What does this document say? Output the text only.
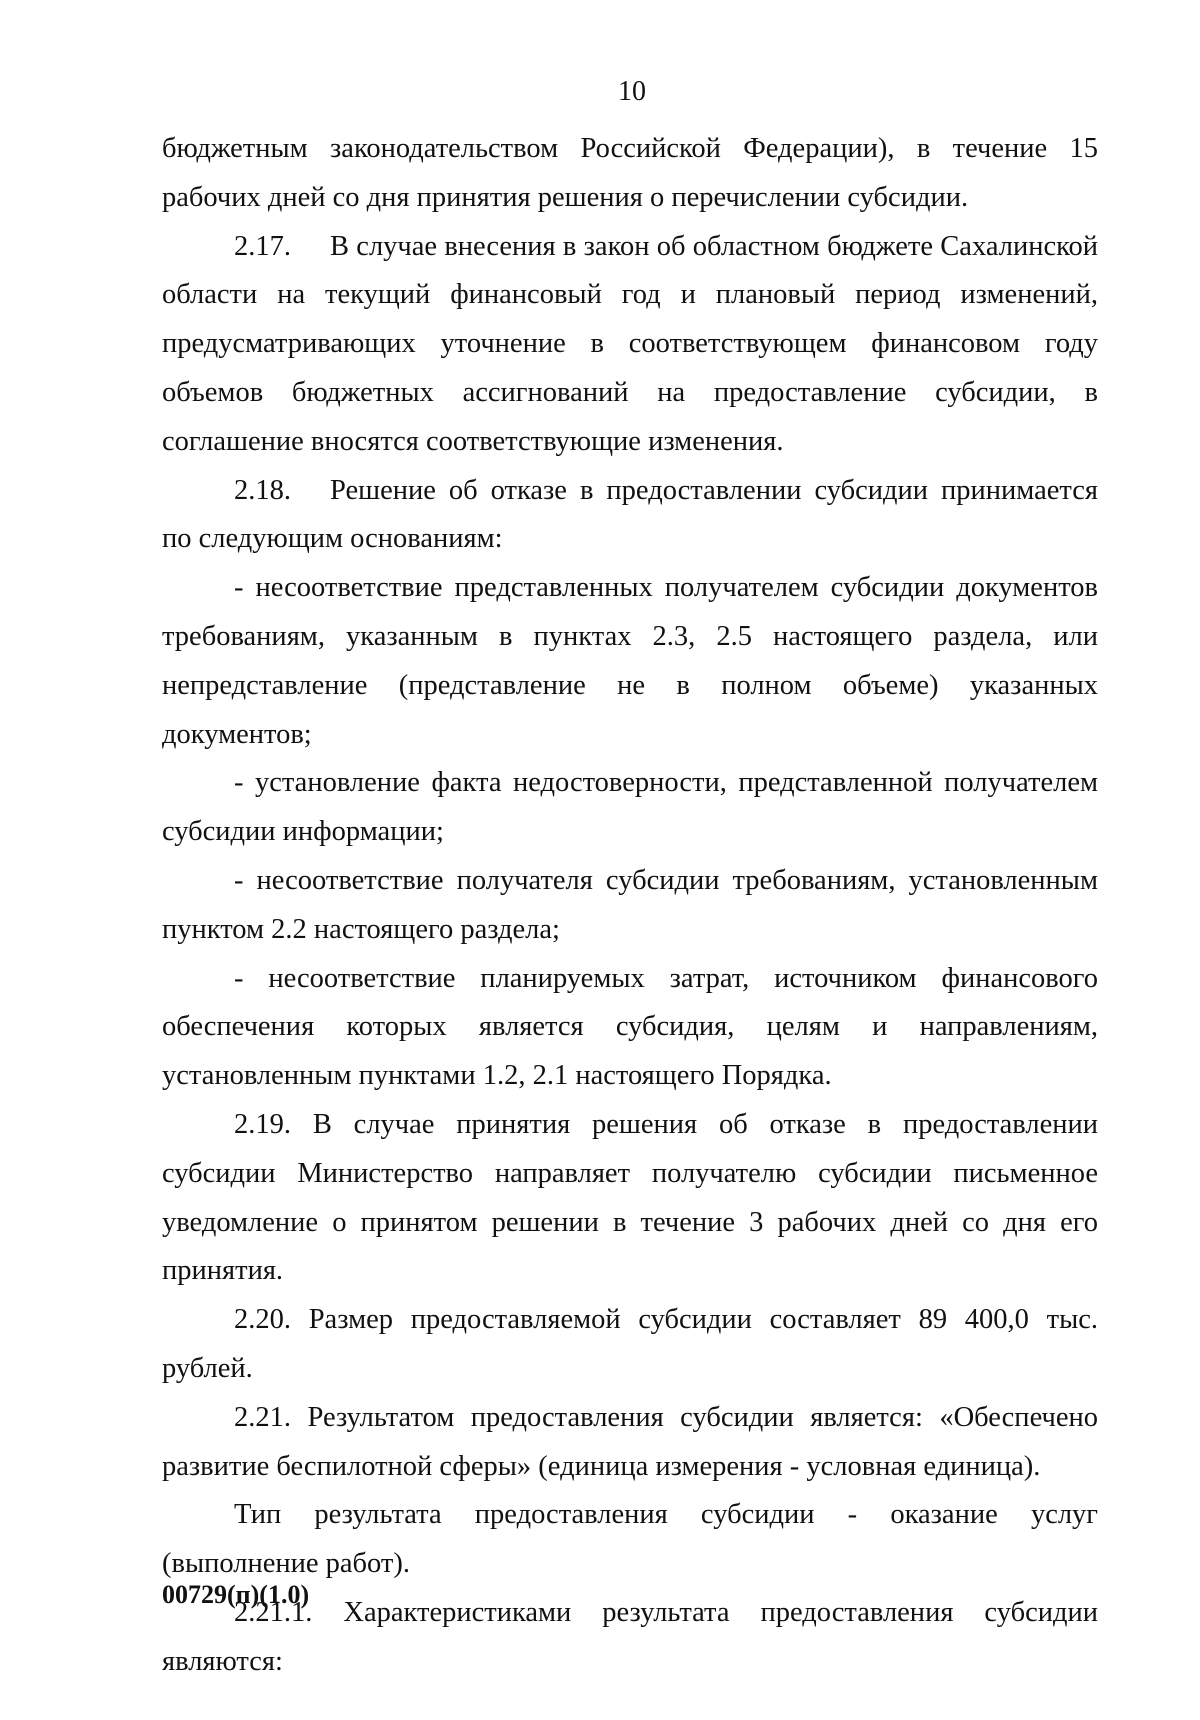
10

бюджетным законодательством Российской Федерации), в течение 15 рабочих дней со дня принятия решения о перечислении субсидии.

2.17. В случае внесения в закон об областном бюджете Сахалинской области на текущий финансовый год и плановый период изменений, предусматривающих уточнение в соответствующем финансовом году объемов бюджетных ассигнований на предоставление субсидии, в соглашение вносятся соответствующие изменения.

2.18. Решение об отказе в предоставлении субсидии принимается по следующим основаниям:

- несоответствие представленных получателем субсидии документов требованиям, указанным в пунктах 2.3, 2.5 настоящего раздела, или непредставление (представление не в полном объеме) указанных документов;

- установление факта недостоверности, представленной получателем субсидии информации;

- несоответствие получателя субсидии требованиям, установленным пунктом 2.2 настоящего раздела;

- несоответствие планируемых затрат, источником финансового обеспечения которых является субсидия, целям и направлениям, установленным пунктами 1.2, 2.1 настоящего Порядка.

2.19. В случае принятия решения об отказе в предоставлении субсидии Министерство направляет получателю субсидии письменное уведомление о принятом решении в течение 3 рабочих дней со дня его принятия.

2.20. Размер предоставляемой субсидии составляет 89 400,0 тыс. рублей.

2.21. Результатом предоставления субсидии является: «Обеспечено развитие беспилотной сферы» (единица измерения - условная единица).

Тип результата предоставления субсидии - оказание услуг (выполнение работ).

2.21.1. Характеристиками результата предоставления субсидии являются:

00729(п)(1.0)
